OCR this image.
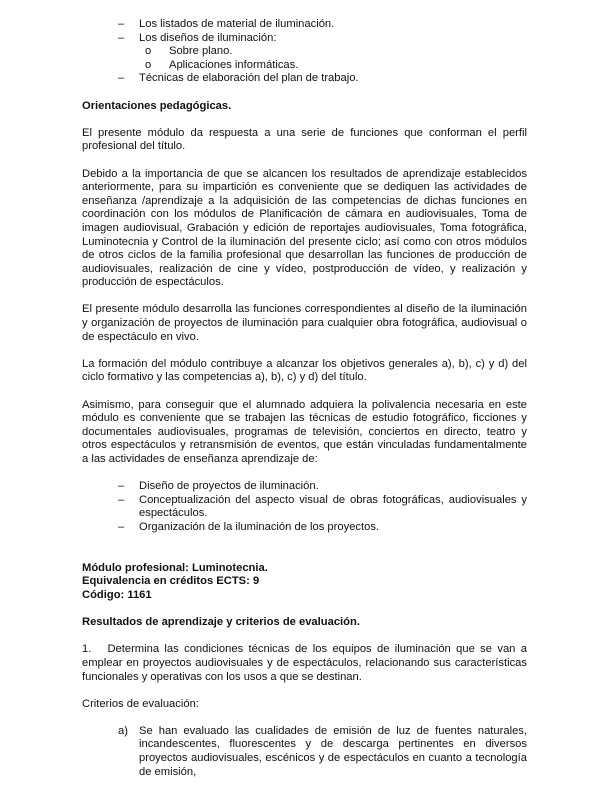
– Los listados de material de iluminación.
– Los diseños de iluminación:
o Sobre plano.
o Aplicaciones informáticas.
– Técnicas de elaboración del plan de trabajo.

Orientaciones pedagógicas.

El presente módulo da respuesta a una serie de funciones que conforman el perfil profesional del título.

Debido a la importancia de que se alcancen los resultados de aprendizaje establecidos anteriormente, para su impartición es conveniente que se dediquen las actividades de enseñanza /aprendizaje a la adquisición de las competencias de dichas funciones en coordinación con los módulos de Planificación de cámara en audiovisuales, Toma de imagen audiovisual, Grabación y edición de reportajes audiovisuales, Toma fotográfica, Luminotecnia y Control de la iluminación del presente ciclo; así como con otros módulos de otros ciclos de la familia profesional que desarrollan las funciones de producción de audiovisuales, realización de cine y vídeo, postproducción de vídeo, y realización y producción de espectáculos.

El presente módulo desarrolla las funciones correspondientes al diseño de la iluminación y organización de proyectos de iluminación para cualquier obra fotográfica, audiovisual o de espectáculo en vivo.

La formación del módulo contribuye a alcanzar los objetivos generales a), b), c) y d) del ciclo formativo y las competencias a), b), c) y d) del título.

Asimismo, para conseguir que el alumnado adquiera la polivalencia necesaria en este módulo es conveniente que se trabajen las técnicas de estudio fotográfico, ficciones y documentales audiovisuales, programas de televisión, conciertos en directo, teatro y otros espectáculos y retransmisión de eventos, que están vinculadas fundamentalmente a las actividades de enseñanza aprendizaje de:

– Diseño de proyectos de iluminación.
– Conceptualización del aspecto visual de obras fotográficas, audiovisuales y espectáculos.
– Organización de la iluminación de los proyectos.

Módulo profesional: Luminotecnia.

Equivalencia en créditos ECTS: 9

Código: 1161

Resultados de aprendizaje y criterios de evaluación.

1. Determina las condiciones técnicas de los equipos de iluminación que se van a emplear en proyectos audiovisuales y de espectáculos, relacionando sus características funcionales y operativas con los usos a que se destinan.

Criterios de evaluación:

a) Se han evaluado las cualidades de emisión de luz de fuentes naturales, incandescentes, fluorescentes y de descarga pertinentes en diversos proyectos audiovisuales, escénicos y de espectáculos en cuanto a tecnología de emisión,
